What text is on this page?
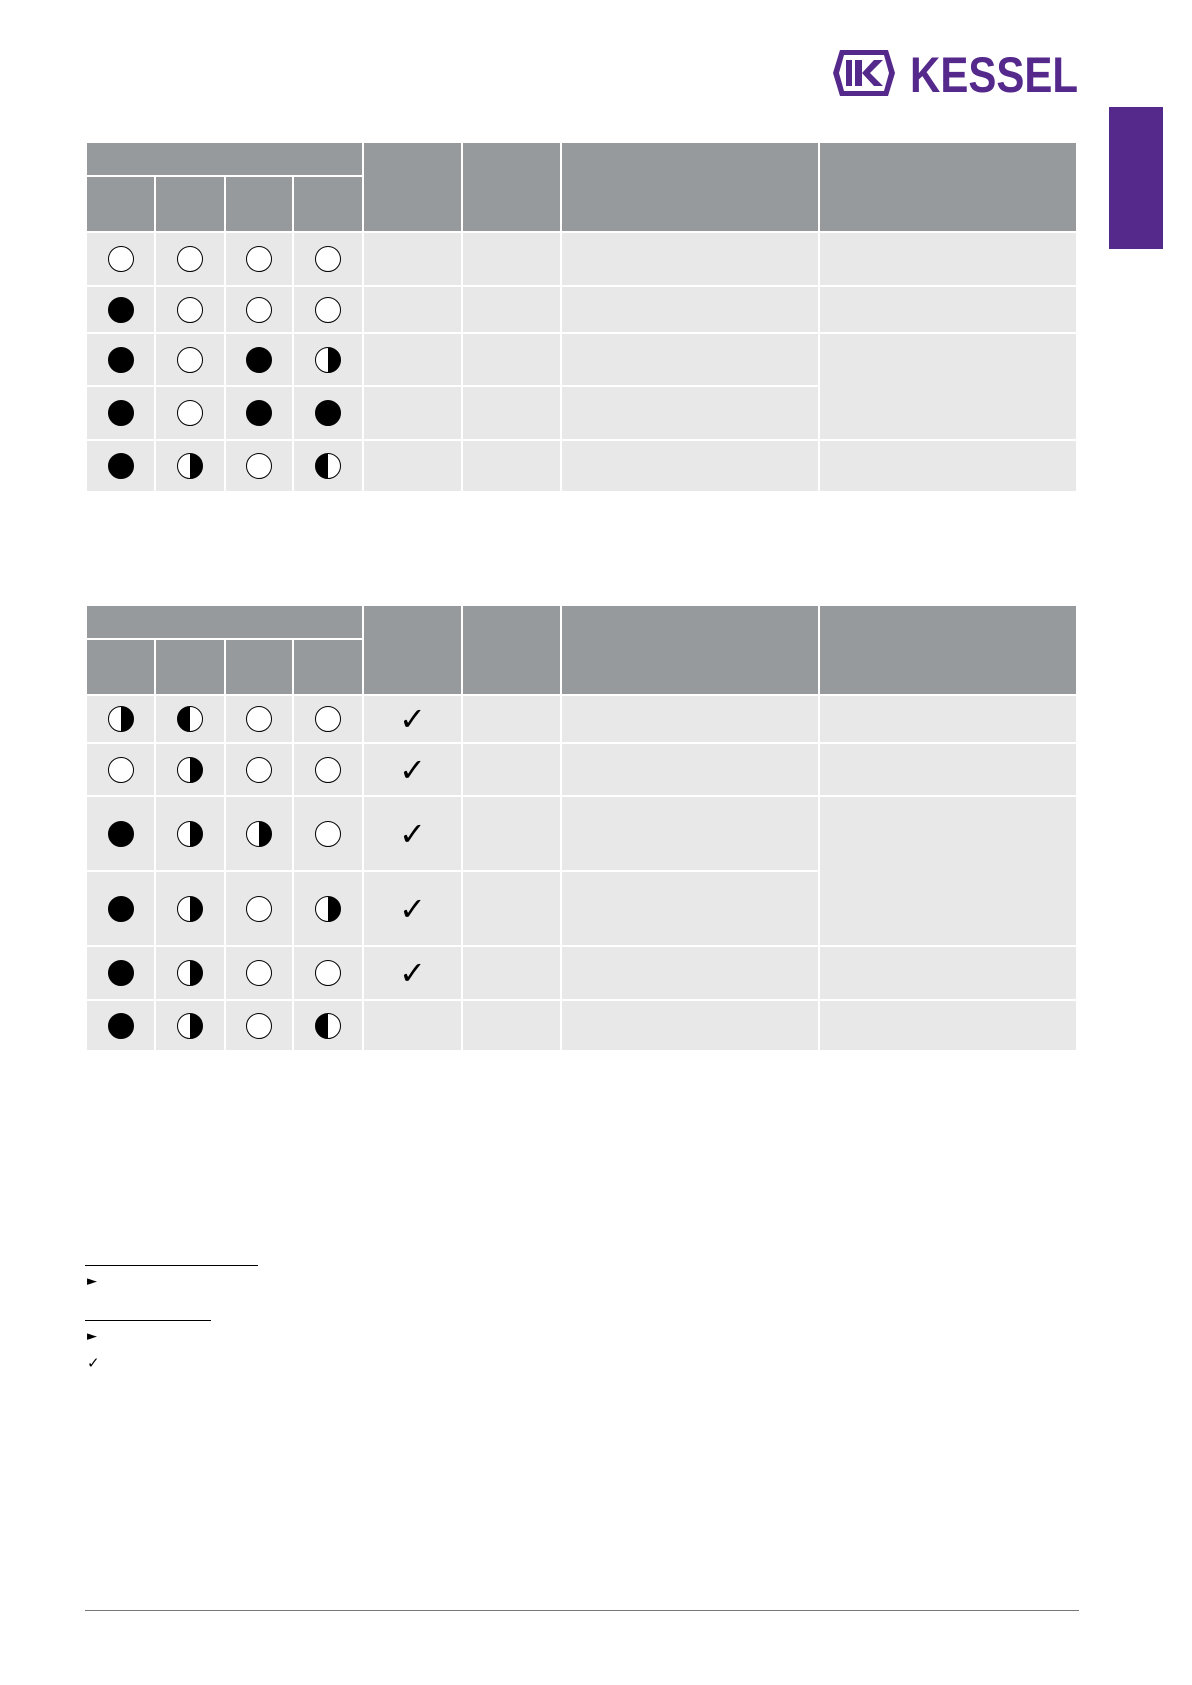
KESSEL

				✓			
				✓			
				✓			
				✓		
				✓			

►
►
✓
